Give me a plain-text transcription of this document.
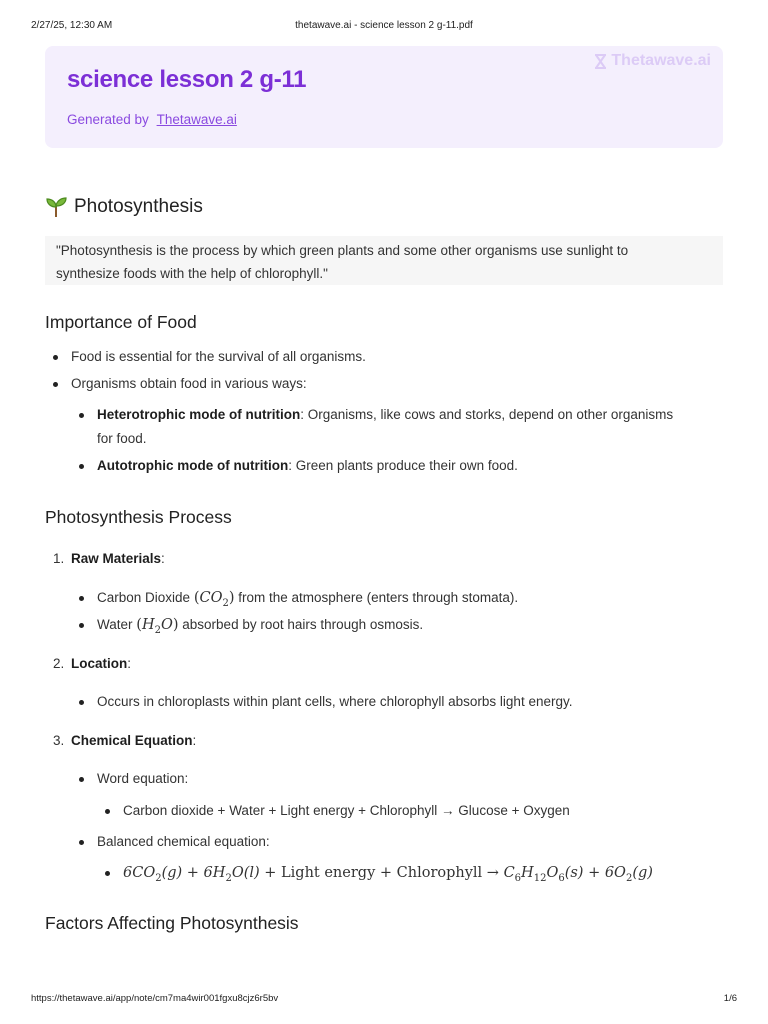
2/27/25, 12:30 AM	thetawave.ai - science lesson 2 g-11.pdf
science lesson 2 g-11
Generated by Thetawave.ai
Thetawave.ai
Photosynthesis
"Photosynthesis is the process by which green plants and some other organisms use sunlight to
synthesize foods with the help of chlorophyll."
Importance of Food
Food is essential for the survival of all organisms.
Organisms obtain food in various ways:
Heterotrophic mode of nutrition: Organisms, like cows and storks, depend on other organisms
for food.
Autotrophic mode of nutrition: Green plants produce their own food.
Photosynthesis Process
1. Raw Materials:
Carbon Dioxide $(CO_2)$ from the atmosphere (enters through stomata).
Water $(H_2O)$ absorbed by root hairs through osmosis.
2. Location:
Occurs in chloroplasts within plant cells, where chlorophyll absorbs light energy.
3. Chemical Equation:
Word equation:
Carbon dioxide + Water + Light energy + Chlorophyll → Glucose + Oxygen
Balanced chemical equation:
$6CO_2(g) + 6H_2O(l)$ + Light energy + Chlorophyll → $C_6H_{12}O_6(s) + 6O_2(g)$
Factors Affecting Photosynthesis
https://thetawave.ai/app/note/cm7ma4wir001fgxu8cjz6r5bv	1/6
